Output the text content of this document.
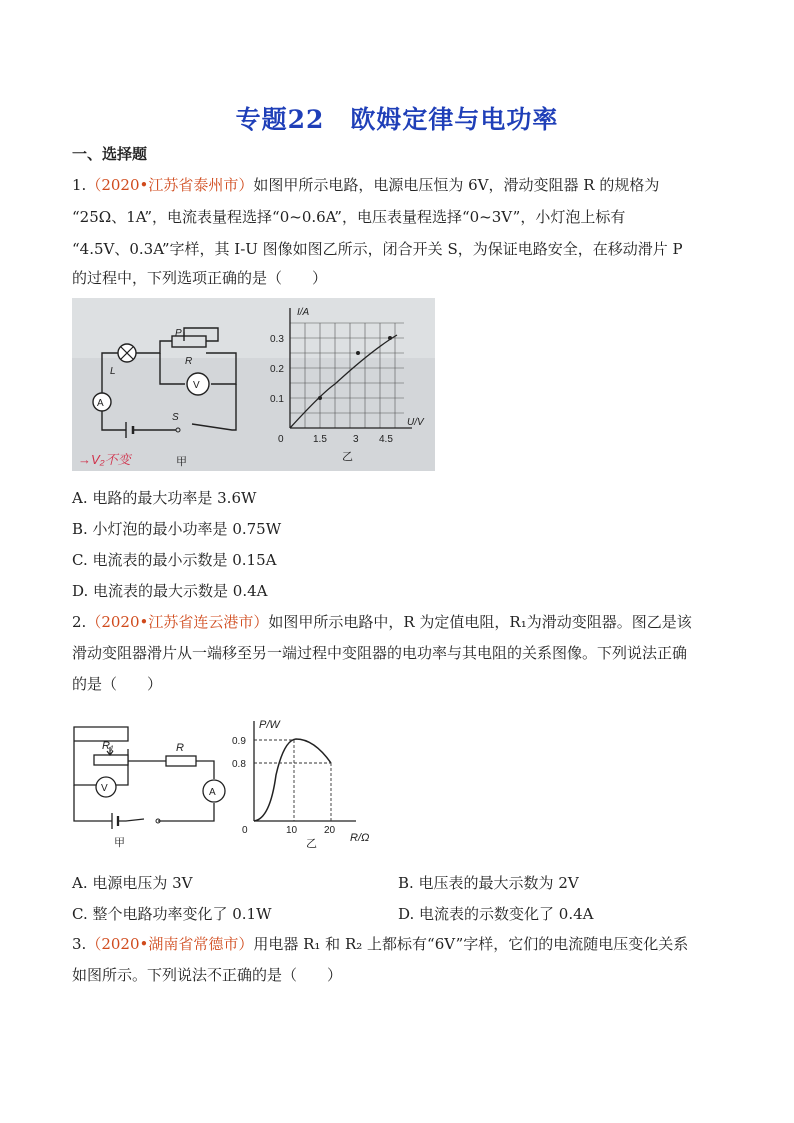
专题22　欧姆定律与电功率
一、选择题
1.（2020•江苏省泰州市）如图甲所示电路，电源电压恒为 6V，滑动变阻器 R 的规格为
“25Ω、1A”，电流表量程选择“0~0.6A”，电压表量程选择“0~3V”，小灯泡上标有
“4.5V、0.3A”字样，其 I-U 图像如图乙所示，闭合开关 S，为保证电路安全，在移动滑片 P
的过程中，下列选项正确的是（　　）
A
V
L
R
P
S
甲
→V₂不变
I/A
U/V
0.1
0.2
0.3
0	1.5	3 4.5
乙
A. 电路的最大功率是 3.6W
B. 小灯泡的最小功率是 0.75W
C. 电流表的最小示数是 0.15A
D. 电流表的最大示数是 0.4A
2.（2020•江苏省连云港市）如图甲所示电路中，R 为定值电阻，R₁为滑动变阻器。图乙是该
滑动变阻器滑片从一端移至另一端过程中变阻器的电功率与其电阻的关系图像。下列说法正确
的是（　　）
R₁	R
V	A
甲
P/W
R/Ω
0.9
0.8
0	10	20
乙
A. 电源电压为 3V	B. 电压表的最大示数为 2V
C. 整个电路功率变化了 0.1W	D. 电流表的示数变化了 0.4A
3.（2020•湖南省常德市）用电器 R₁ 和 R₂ 上都标有“6V”字样，它们的电流随电压变化关系
如图所示。下列说法不正确的是（　　）
